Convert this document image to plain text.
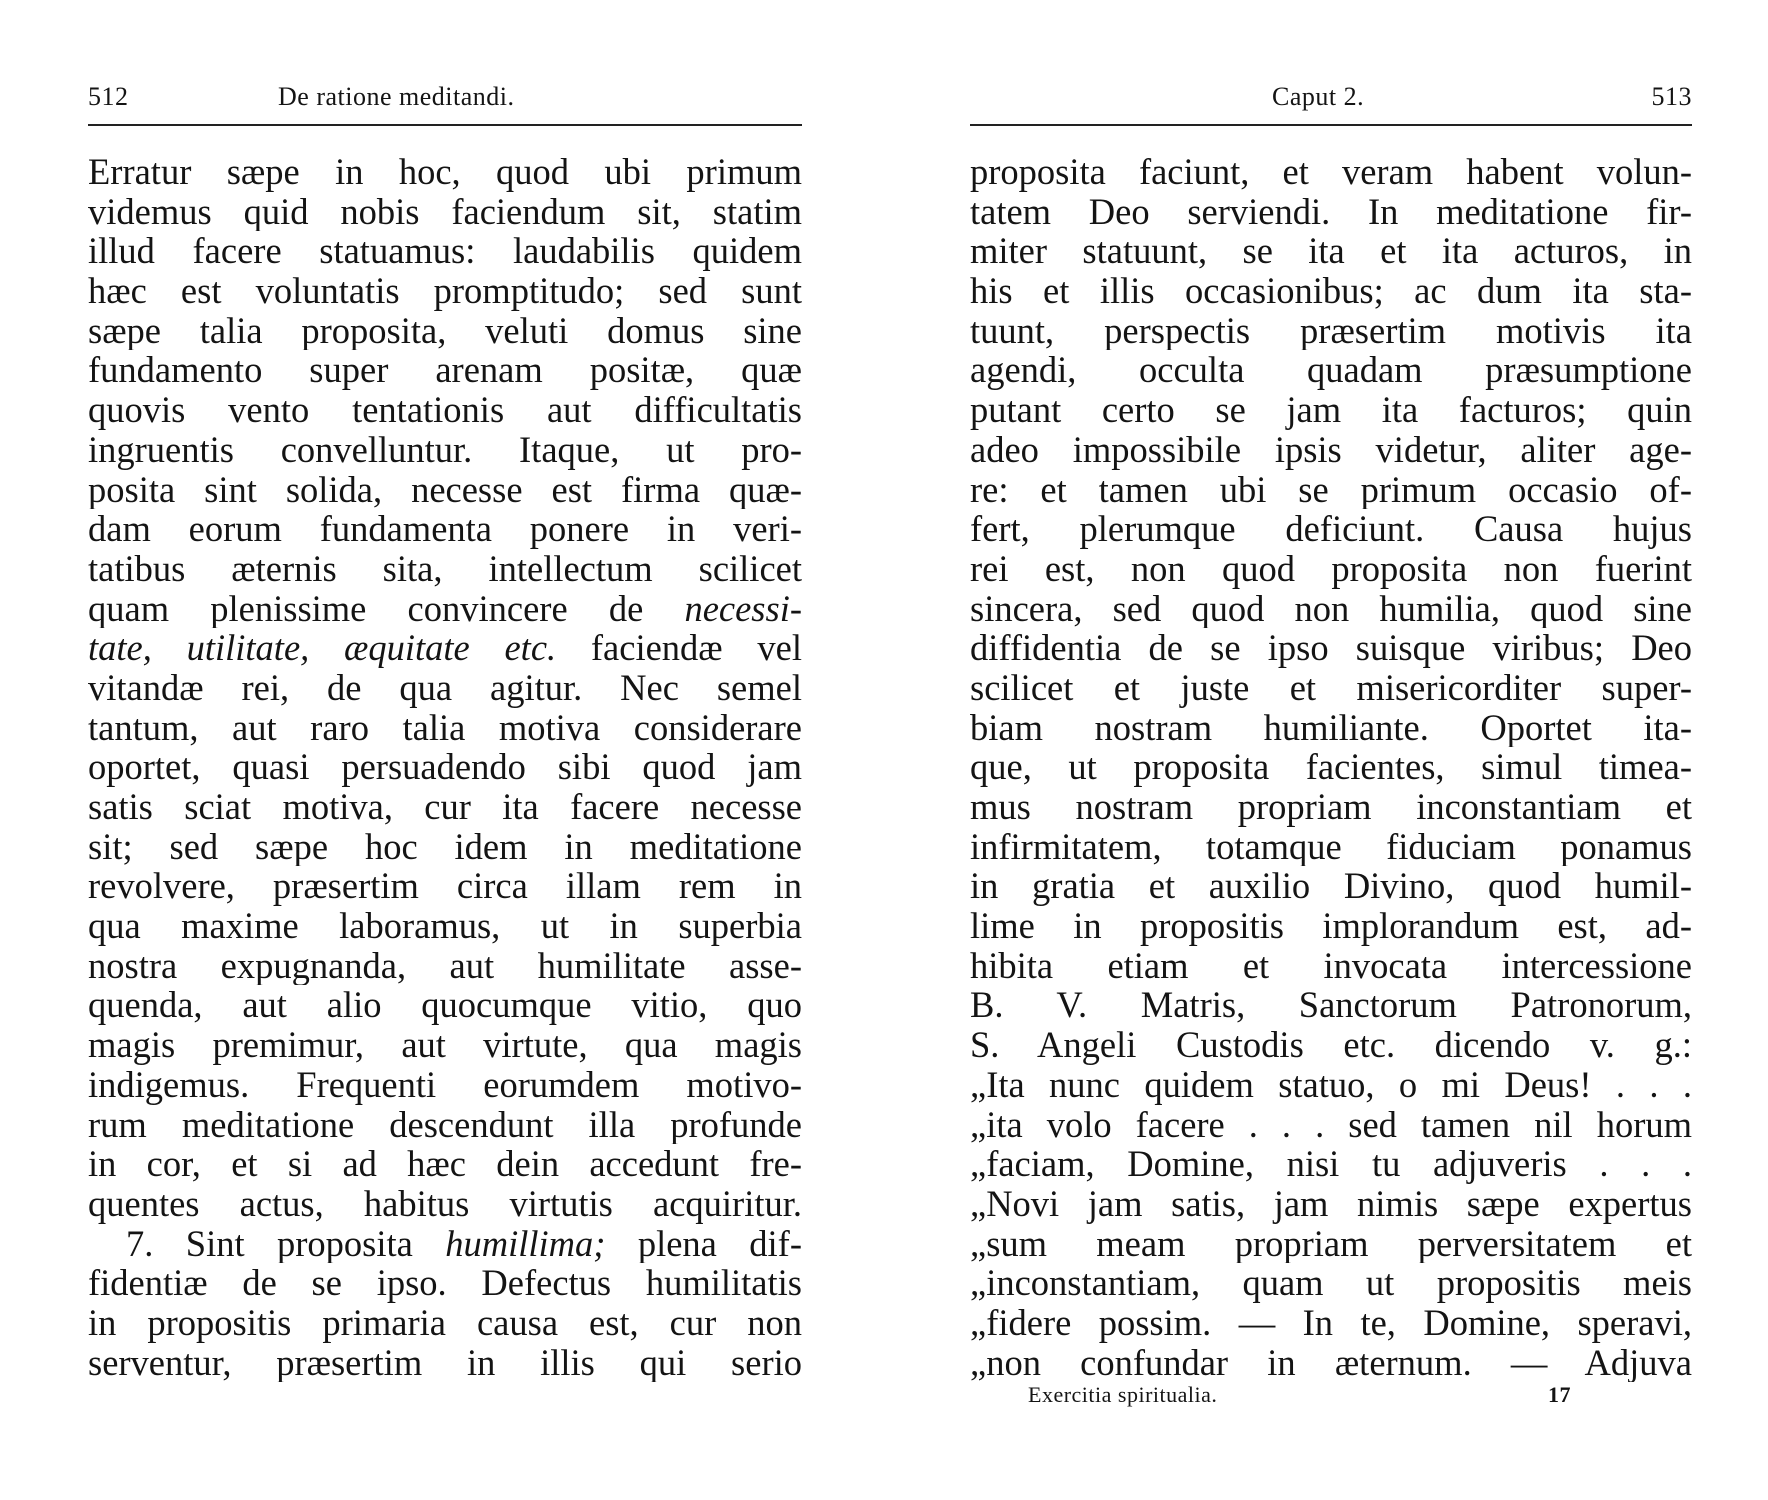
512	De ratione meditandi.
Erratur sæpe in hoc, quod ubi primum
videmus quid nobis faciendum sit, statim
illud facere statuamus: laudabilis quidem
hæc est voluntatis promptitudo; sed sunt
sæpe talia proposita, veluti domus sine
fundamento super arenam positæ, quæ
quovis vento tentationis aut difficultatis
ingruentis convelluntur. Itaque, ut pro-
posita sint solida, necesse est firma quæ-
dam eorum fundamenta ponere in veri-
tatibus æternis sita, intellectum scilicet
quam plenissime convincere de necessi-
tate, utilitate, æquitate etc. faciendæ vel
vitandæ rei, de qua agitur. Nec semel
tantum, aut raro talia motiva considerare
oportet, quasi persuadendo sibi quod jam
satis sciat motiva, cur ita facere necesse
sit; sed sæpe hoc idem in meditatione
revolvere, præsertim circa illam rem in
qua maxime laboramus, ut in superbia
nostra expugnanda, aut humilitate asse-
quenda, aut alio quocumque vitio, quo
magis premimur, aut virtute, qua magis
indigemus. Frequenti eorumdem motivo-
rum meditatione descendunt illa profunde
in cor, et si ad hæc dein accedunt fre-
quentes actus, habitus virtutis acquiritur.
7. Sint proposita humillima; plena dif-
fidentiæ de se ipso. Defectus humilitatis
in propositis primaria causa est, cur non
serventur, præsertim in illis qui serio
Caput 2.	513
proposita faciunt, et veram habent volun-
tatem Deo serviendi. In meditatione fir-
miter statuunt, se ita et ita acturos, in
his et illis occasionibus; ac dum ita sta-
tuunt, perspectis præsertim motivis ita
agendi, occulta quadam præsumptione
putant certo se jam ita facturos; quin
adeo impossibile ipsis videtur, aliter age-
re: et tamen ubi se primum occasio of-
fert, plerumque deficiunt. Causa hujus
rei est, non quod proposita non fuerint
sincera, sed quod non humilia, quod sine
diffidentia de se ipso suisque viribus; Deo
scilicet et juste et misericorditer super-
biam nostram humiliante. Oportet ita-
que, ut proposita facientes, simul timea-
mus nostram propriam inconstantiam et
infirmitatem, totamque fiduciam ponamus
in gratia et auxilio Divino, quod humil-
lime in propositis implorandum est, ad-
hibita etiam et invocata intercessione
B. V. Matris, Sanctorum Patronorum,
S. Angeli Custodis etc. dicendo v. g.:
„Ita nunc quidem statuo, o mi Deus! . . .
„ita volo facere . . . sed tamen nil horum
„faciam, Domine, nisi tu adjuveris . . .
„Novi jam satis, jam nimis sæpe expertus
„sum meam propriam perversitatem et
„inconstantiam, quam ut propositis meis
„fidere possim. — In te, Domine, speravi,
„non confundar in æternum. — Adjuva
Exercitia spiritualia.	17
